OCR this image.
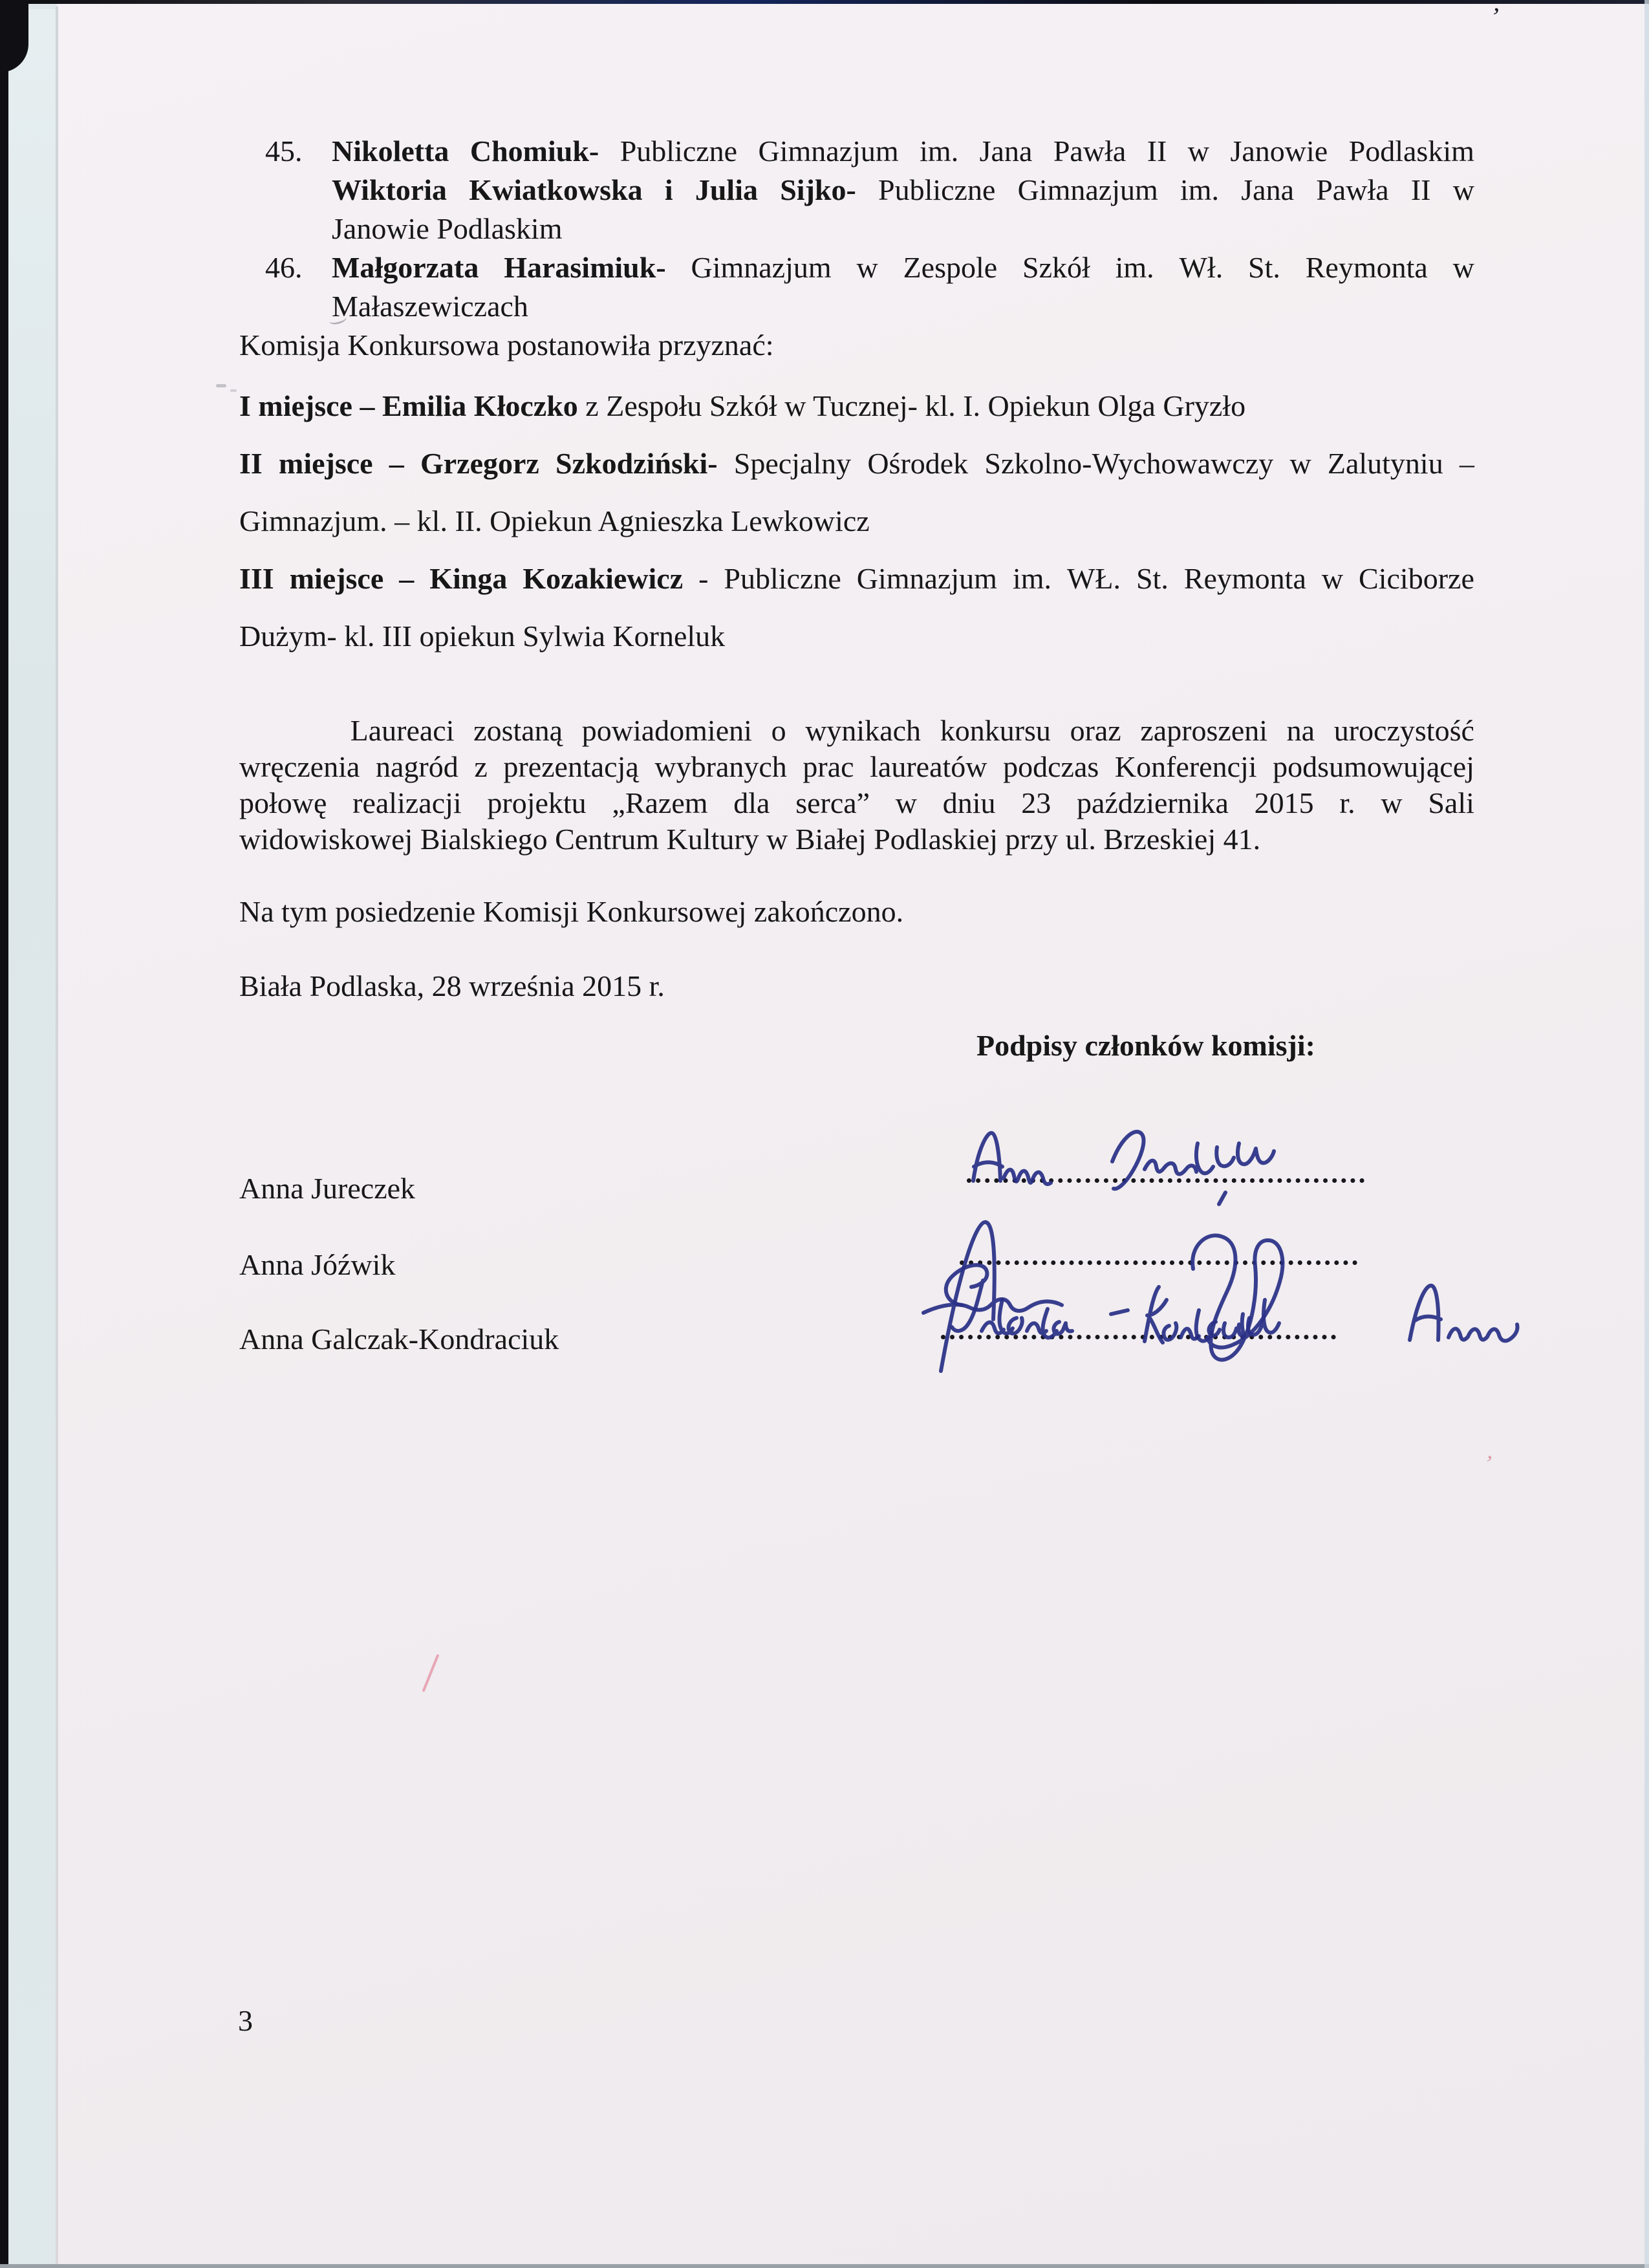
45. Nikoletta Chomiuk- Publiczne Gimnazjum im. Jana Pawła II w Janowie Podlaskim
Wiktoria Kwiatkowska i Julia Sijko- Publiczne Gimnazjum im. Jana Pawła II w
Janowie Podlaskim
46. Małgorzata Harasimiuk- Gimnazjum w Zespole Szkół im. Wł. St. Reymonta w
Małaszewiczach
Komisja Konkursowa postanowiła przyznać:
I miejsce – Emilia Kłoczko z Zespołu Szkół w Tucznej- kl. I. Opiekun Olga Gryzło
II miejsce – Grzegorz Szkodziński- Specjalny Ośrodek Szkolno-Wychowawczy w Zalutyniu –
Gimnazjum. – kl. II. Opiekun Agnieszka Lewkowicz
III miejsce – Kinga Kozakiewicz - Publiczne Gimnazjum im. WŁ. St. Reymonta w Ciciborze
Dużym- kl. III opiekun Sylwia Korneluk
Laureaci zostaną powiadomieni o wynikach konkursu oraz zaproszeni na uroczystość
wręczenia nagród z prezentacją wybranych prac laureatów podczas Konferencji podsumowującej
połowę realizacji projektu „Razem dla serca” w dniu 23 października 2015 r. w Sali
widowiskowej Bialskiego Centrum Kultury w Białej Podlaskiej przy ul. Brzeskiej 41.
Na tym posiedzenie Komisji Konkursowej zakończono.
Biała Podlaska, 28 września 2015 r.
Podpisy członków komisji:
Anna Jureczek
Anna Jóźwik
Anna Galczak-Kondraciuk
3
’
’
